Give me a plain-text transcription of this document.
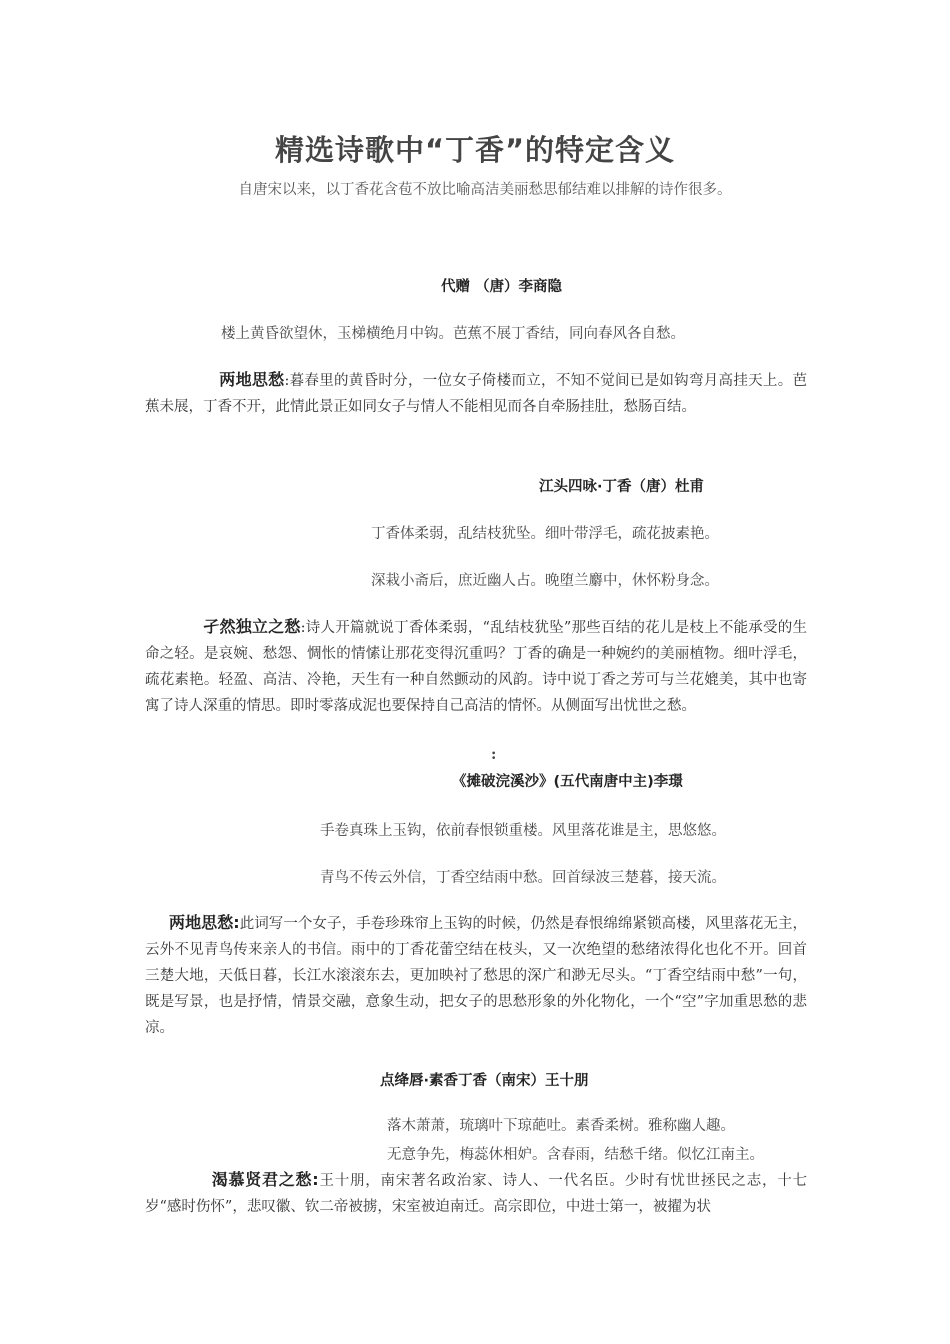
精选诗歌中“丁香”的特定含义
自唐宋以来，以丁香花含苞不放比喻高洁美丽愁思郁结难以排解的诗作很多。
代赠 （唐）李商隐
楼上黄昏欲望休，玉梯横绝月中钩。芭蕉不展丁香结，同向春风各自愁。
两地思愁:暮春里的黄昏时分，一位女子倚楼而立，不知不觉间已是如钩弯月高挂天上。芭蕉未展，丁香不开，此情此景正如同女子与情人不能相见而各自牵肠挂肚，愁肠百结。
江头四咏·丁香（唐）杜甫
丁香体柔弱，乱结枝犹坠。细叶带浮毛，疏花披素艳。
深栽小斋后，庶近幽人占。晚堕兰麝中，休怀粉身念。
孑然独立之愁:诗人开篇就说丁香体柔弱，“乱结枝犹坠”那些百结的花儿是枝上不能承受的生命之轻。是哀婉、愁怨、惆怅的情愫让那花变得沉重吗？丁香的确是一种婉约的美丽植物。细叶浮毛，疏花素艳。轻盈、高洁、冷艳，天生有一种自然颤动的风韵。诗中说丁香之芳可与兰花媲美，其中也寄寓了诗人深重的情思。即时零落成泥也要保持自己高洁的情怀。从侧面写出忧世之愁。
:
《摊破浣溪沙》(五代南唐中主)李璟
手卷真珠上玉钩，依前春恨锁重楼。风里落花谁是主，思悠悠。
青鸟不传云外信，丁香空结雨中愁。回首绿波三楚暮，接天流。
两地思愁:此词写一个女子，手卷珍珠帘上玉钩的时候，仍然是春恨绵绵紧锁高楼，风里落花无主，云外不见青鸟传来亲人的书信。雨中的丁香花蕾空结在枝头，又一次绝望的愁绪浓得化也化不开。回首三楚大地，天低日暮，长江水滚滚东去，更加映衬了愁思的深广和渺无尽头。“丁香空结雨中愁”一句，既是写景，也是抒情，情景交融，意象生动，把女子的思愁形象的外化物化，一个“空”字加重思愁的悲凉。
点绛唇·素香丁香（南宋）王十朋
落木萧萧，琉璃叶下琼葩吐。素香柔树。雅称幽人趣。
无意争先，梅蕊休相妒。含春雨，结愁千绪。似忆江南主。
渴慕贤君之愁:王十朋，南宋著名政治家、诗人、一代名臣。少时有忧世拯民之志，十七岁“感时伤怀”，悲叹徽、钦二帝被掳，宋室被迫南迁。高宗即位，中进士第一，被擢为状
